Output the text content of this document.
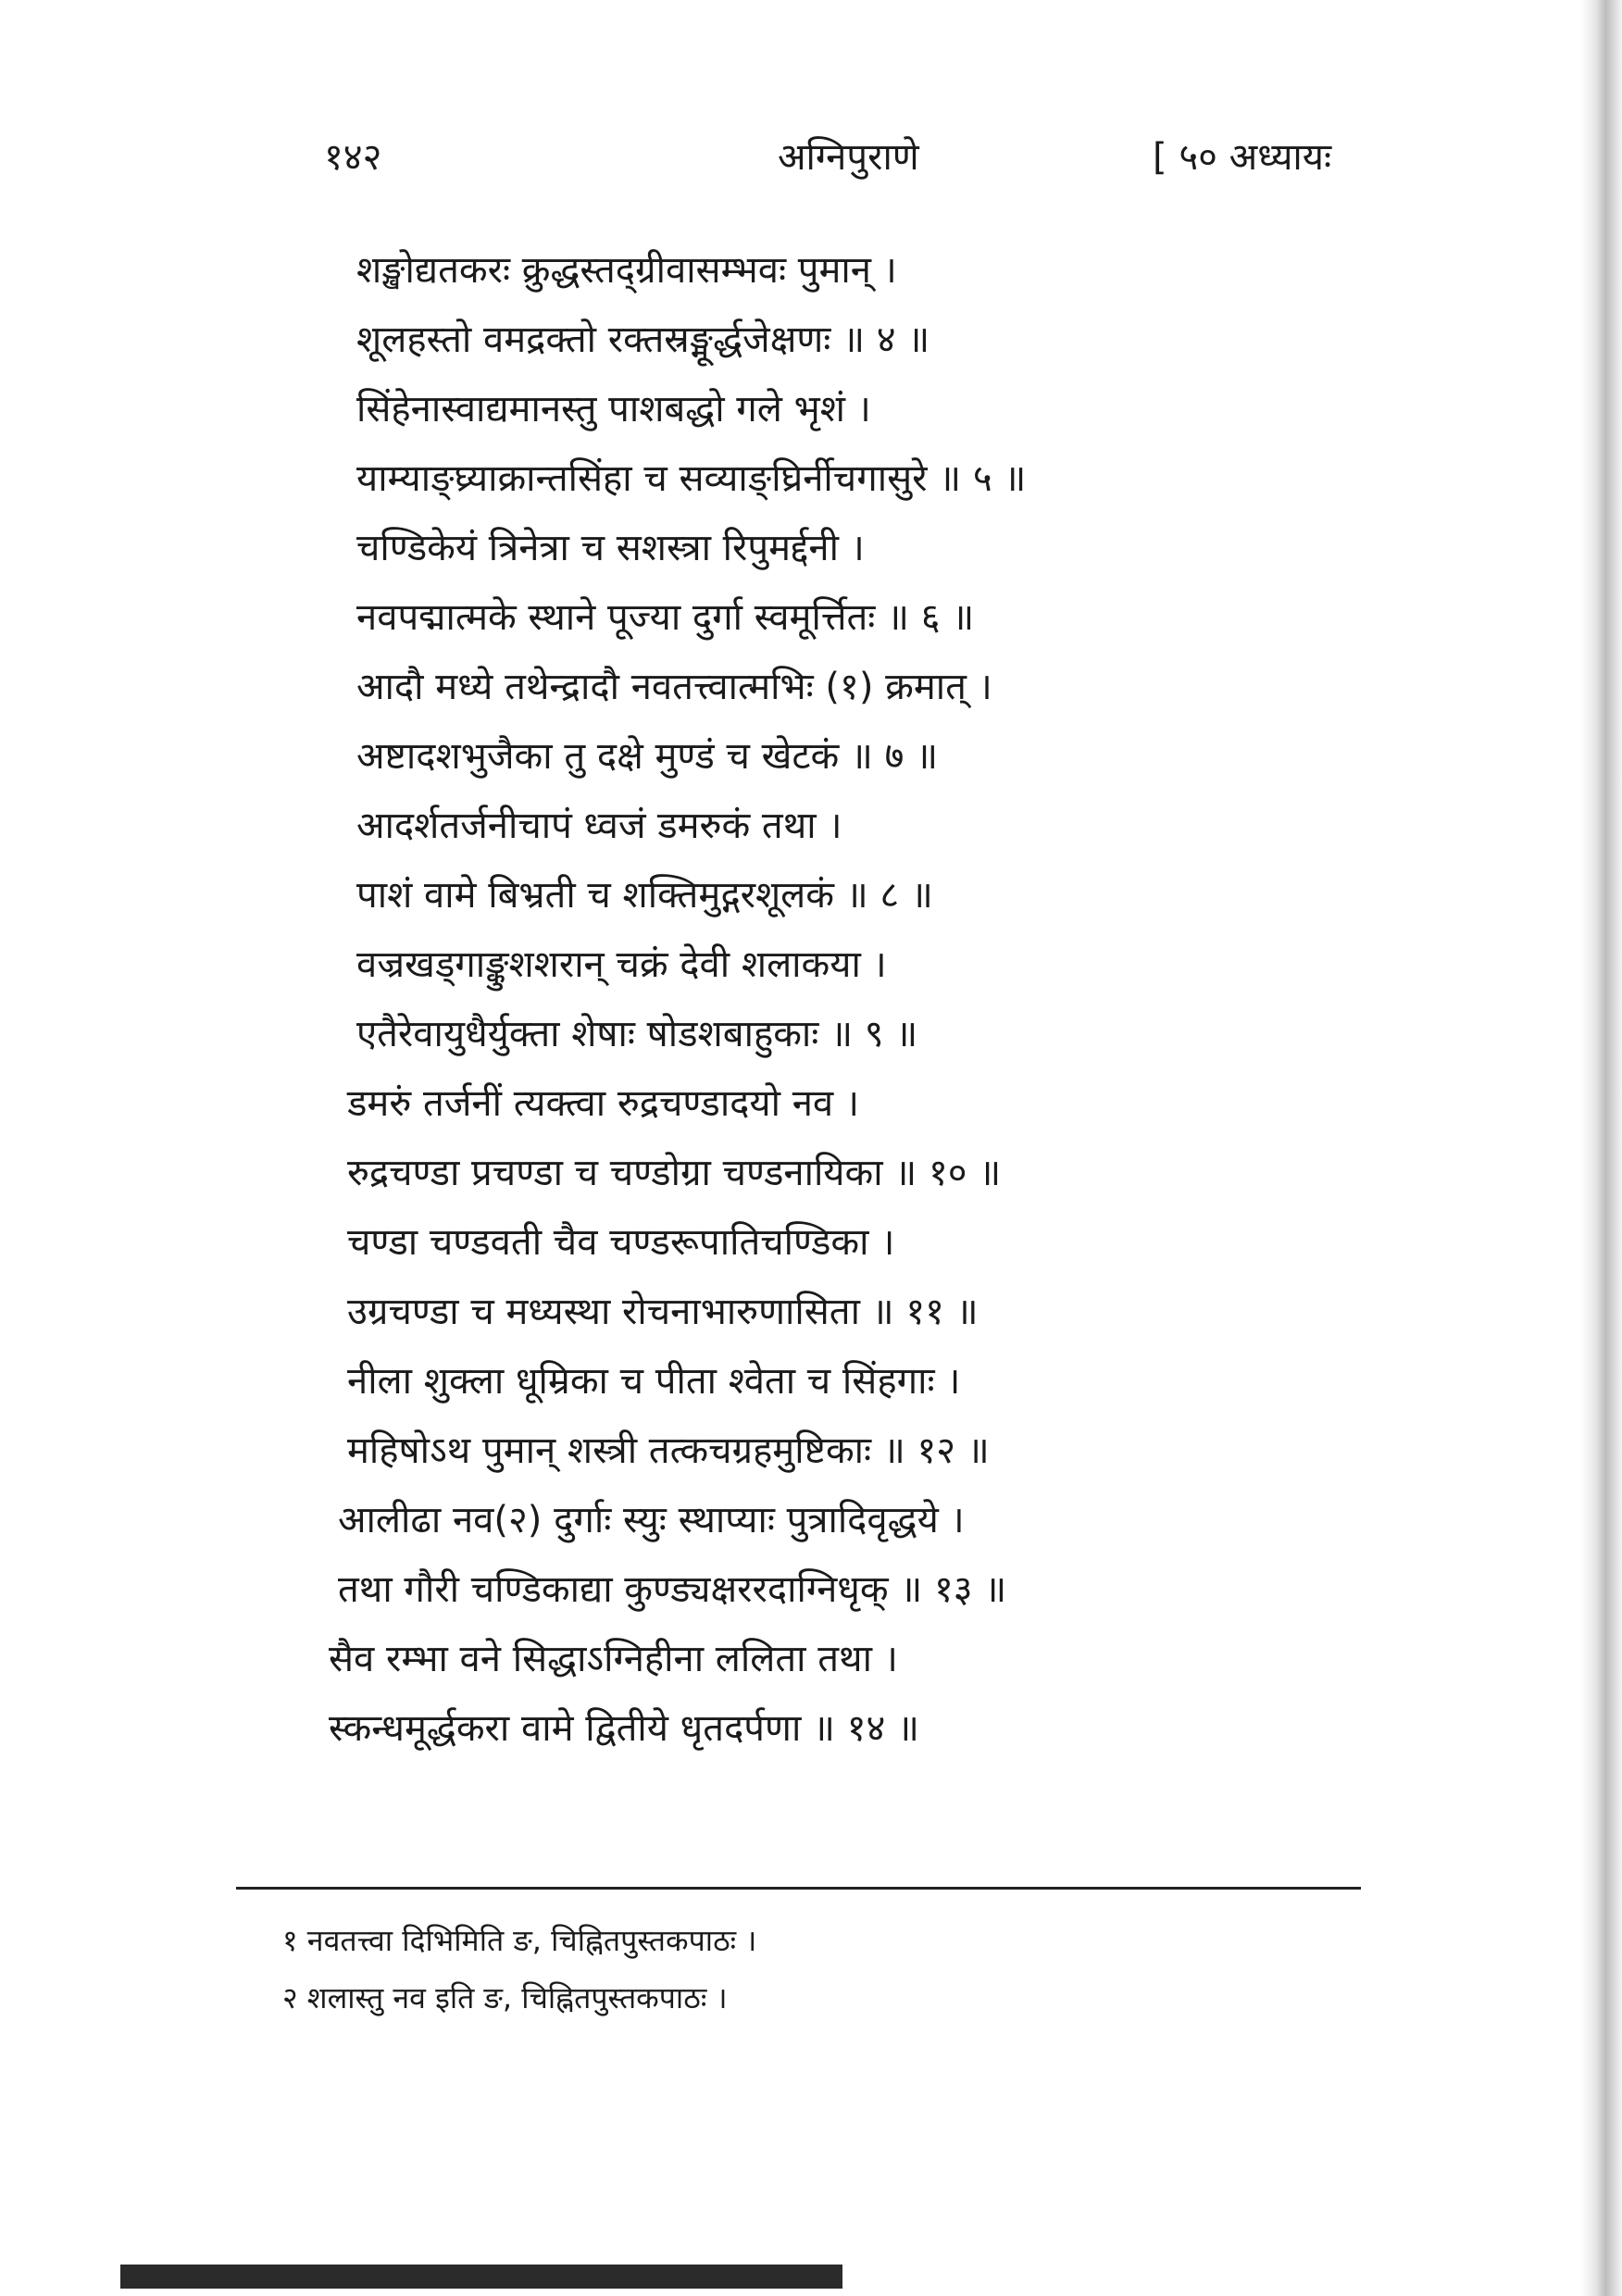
१४२	अग्निपुराणे	[ ५० अध्यायः
शङ्खोद्यतकरः क्रुद्धस्तद्ग्रीवासम्भवः पुमान् ।
शूलहस्तो वमद्रक्तो रक्तस्रङ्मूर्द्धजेक्षणः ॥ ४ ॥
सिंहेनास्वाद्यमानस्तु पाशबद्धो गले भृशं ।
याम्याङ्घ्र्याक्रान्तसिंहा च सव्याङ्घ्रिर्नीचगासुरे ॥ ५ ॥
चण्डिकेयं त्रिनेत्रा च सशस्त्रा रिपुमर्द्दनी ।
नवपद्मात्मके स्थाने पूज्या दुर्गा स्वमूर्त्तितः ॥ ६ ॥
आदौ मध्ये तथेन्द्रादौ नवतत्त्वात्मभिः (१) क्रमात् ।
अष्टादशभुजैका तु दक्षे मुण्डं च खेटकं ॥ ७ ॥
आदर्शतर्जनीचापं ध्वजं डमरुकं तथा ।
पाशं वामे बिभ्रती च शक्तिमुद्गरशूलकं ॥ ८ ॥
वज्रखड्गाङ्कुशशरान् चक्रं देवी शलाकया ।
एतैरेवायुधैर्युक्ता शेषाः षोडशबाहुकाः ॥ ९ ॥
डमरुं तर्जनीं त्यक्त्वा रुद्रचण्डादयो नव ।
रुद्रचण्डा प्रचण्डा च चण्डोग्रा चण्डनायिका ॥ १० ॥
चण्डा चण्डवती चैव चण्डरूपातिचण्डिका ।
उग्रचण्डा च मध्यस्था रोचनाभारुणासिता ॥ ११ ॥
नीला शुक्ला धूम्रिका च पीता श्वेता च सिंहगाः ।
महिषोऽथ पुमान् शस्त्री तत्कचग्रहमुष्टिकाः ॥ १२ ॥
आलीढा नव(२) दुर्गाः स्युः स्थाप्याः पुत्रादिवृद्धये ।
तथा गौरी चण्डिकाद्या कुण्ड्यक्षररदाग्निधृक् ॥ १३ ॥
सैव रम्भा वने सिद्धाऽग्निहीना ललिता तथा ।
स्कन्धमूर्द्धकरा वामे द्वितीये धृतदर्पणा ॥ १४ ॥
१ नवतत्त्वा दिभिमिति ङ, चिह्नितपुस्तकपाठः ।
२ शलास्तु नव इति ङ, चिह्नितपुस्तकपाठः ।
